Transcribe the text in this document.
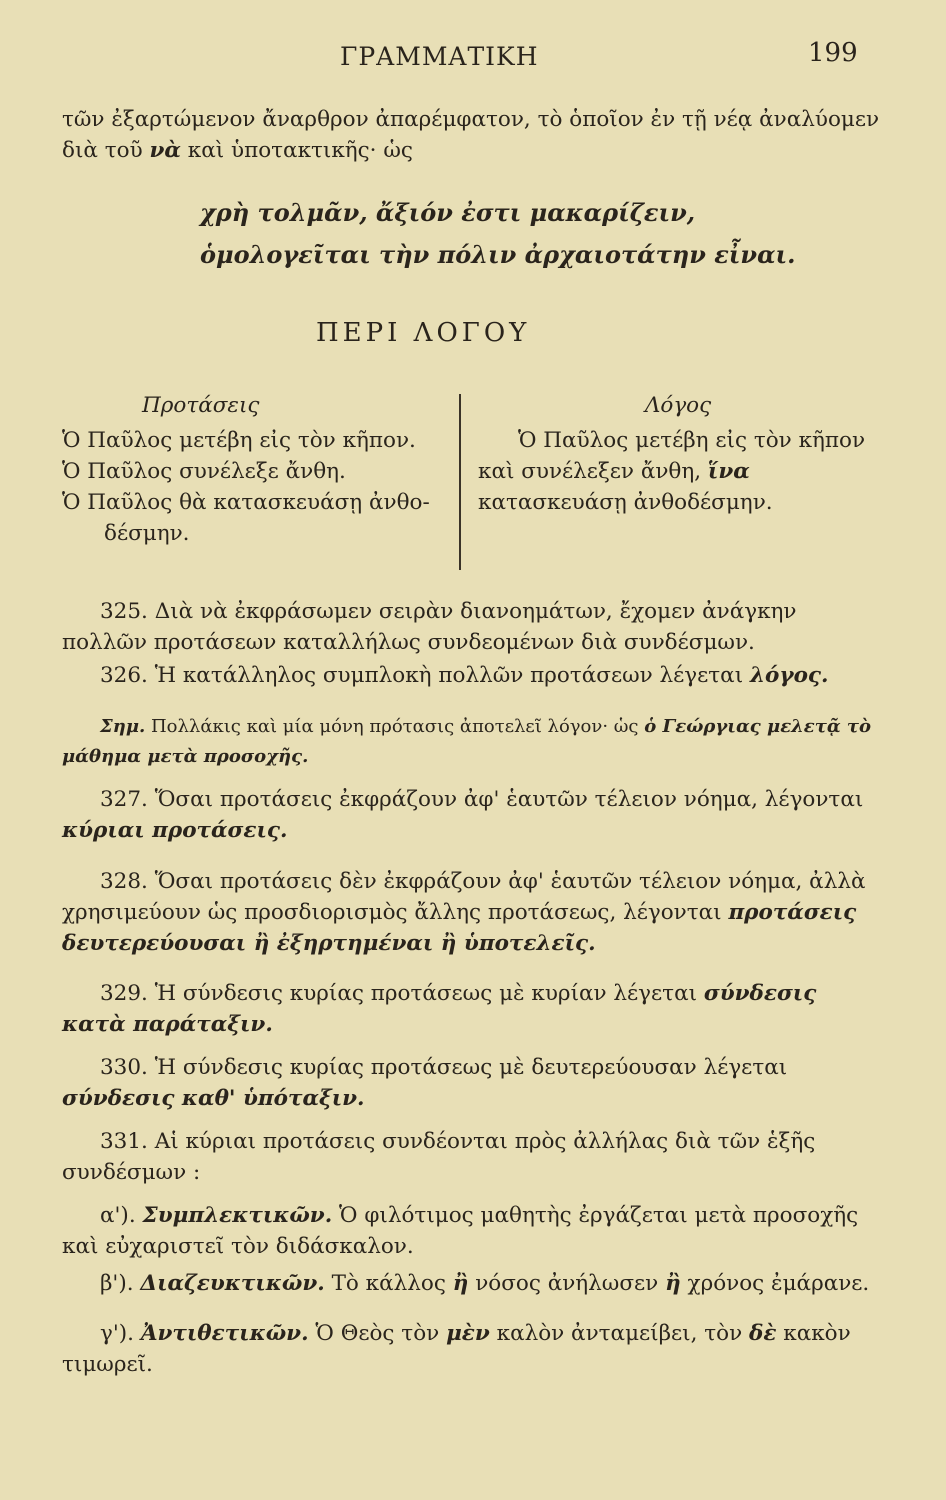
ΓΡΑΜΜΑΤΙΚΗ	199

τῶν ἐξαρτώμενον ἄναρθρον ἀπαρέμφατον, τὸ ὁποῖον ἐν τῇ νέᾳ ἀναλύομεν διὰ τοῦ νὰ καὶ ὑποτακτικῆς· ὡς

χρὴ τολμᾶν, ἄξιόν ἐστι μακαρίζειν,
ὁμολογεῖται τὴν πόλιν ἀρχαιοτάτην εἶναι.
ΠΕΡΙ ΛΟΓΟΥ
Προτάσεις
Ὁ Παῦλος μετέβη εἰς τὸν κῆπον.
Ὁ Παῦλος συνέλεξε ἄνθη.
Ὁ Παῦλος θὰ κατασκευάσῃ ἀνθο-
δέσμην.
Λόγος
Ὁ Παῦλος μετέβη εἰς τὸν κῆπον καὶ συνέλεξεν ἄνθη, ἵνα κατασκευάσῃ ἀνθοδέσμην.

325. Διὰ νὰ ἐκφράσωμεν σειρὰν διανοημάτων, ἔχομεν ἀνάγκην πολλῶν προτάσεων καταλλήλως συνδεομένων διὰ συνδέσμων.

326. Ἡ κατάλληλος συμπλοκὴ πολλῶν προτάσεων λέγεται λόγος.

Σημ. Πολλάκις καὶ μία μόνη πρότασις ἀποτελεῖ λόγον· ὡς ὁ Γεώργιας μελετᾷ τὸ μάθημα μετὰ προσοχῆς.

327. Ὅσαι προτάσεις ἐκφράζουν ἀφ' ἑαυτῶν τέλειον νόημα, λέγονται κύριαι προτάσεις.

328. Ὅσαι προτάσεις δὲν ἐκφράζουν ἀφ' ἑαυτῶν τέλειον νόημα, ἀλλὰ χρησιμεύουν ὡς προσδιορισμὸς ἄλλης προτάσεως, λέγονται προτάσεις δευτερεύουσαι ἢ ἐξηρτημέναι ἢ ὑποτελεῖς.

329. Ἡ σύνδεσις κυρίας προτάσεως μὲ κυρίαν λέγεται σύνδεσις κατὰ παράταξιν.

330. Ἡ σύνδεσις κυρίας προτάσεως μὲ δευτερεύουσαν λέγεται σύνδεσις καθ' ὑπόταξιν.

331. Αἱ κύριαι προτάσεις συνδέονται πρὸς ἀλλήλας διὰ τῶν ἑξῆς συνδέσμων :

α'). Συμπλεκτικῶν. Ὁ φιλότιμος μαθητὴς ἐργάζεται μετὰ προσοχῆς καὶ εὐχαριστεῖ τὸν διδάσκαλον.

β'). Διαζευκτικῶν. Τὸ κάλλος ἢ νόσος ἀνήλωσεν ἢ χρόνος ἐμάρανε.

γ'). Ἀντιθετικῶν. Ὁ Θεὸς τὸν μὲν καλὸν ἀνταμείβει, τὸν δὲ κακὸν τιμωρεῖ.
